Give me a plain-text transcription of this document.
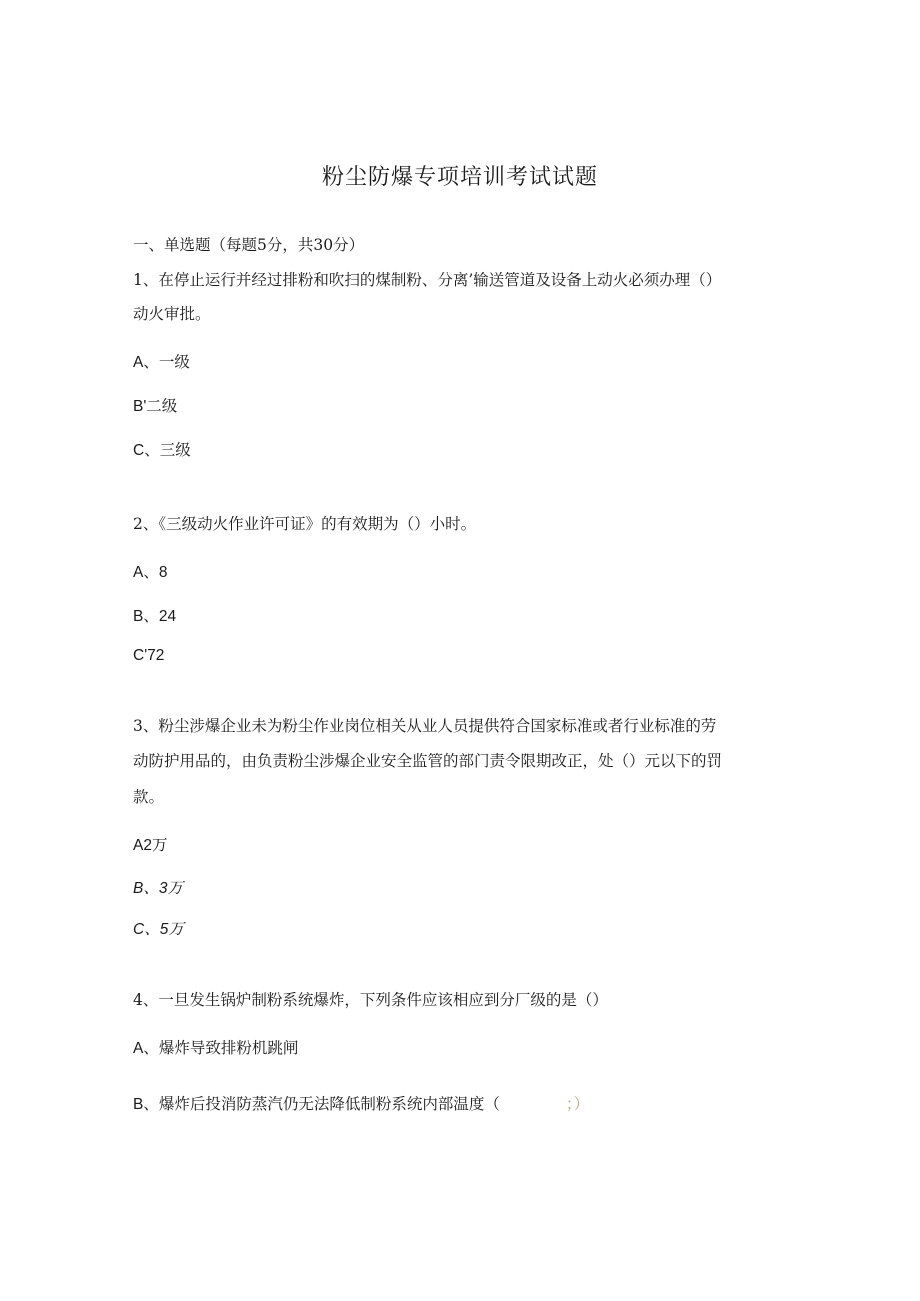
粉尘防爆专项培训考试试题
一、单选题（每题5分，共30分）
1、在停止运行并经过排粉和吹扫的煤制粉、分离’输送管道及设备上动火必须办理（）
动火审批。
A、一级
B'二级
C、三级
2、《三级动火作业许可证》的有效期为（）小时。
A、8
B、24
C'72
3、粉尘涉爆企业未为粉尘作业岗位相关从业人员提供符合国家标准或者行业标准的劳
动防护用品的，由负责粉尘涉爆企业安全监管的部门责令限期改正，处（）元以下的罚
款。
A2万
B、3万
C、5万
4、一旦发生锅炉制粉系统爆炸，下列条件应该相应到分厂级的是（）
A、爆炸导致排粉机跳闸
B、爆炸后投消防蒸汽仍无法降低制粉系统内部温度（	；）
